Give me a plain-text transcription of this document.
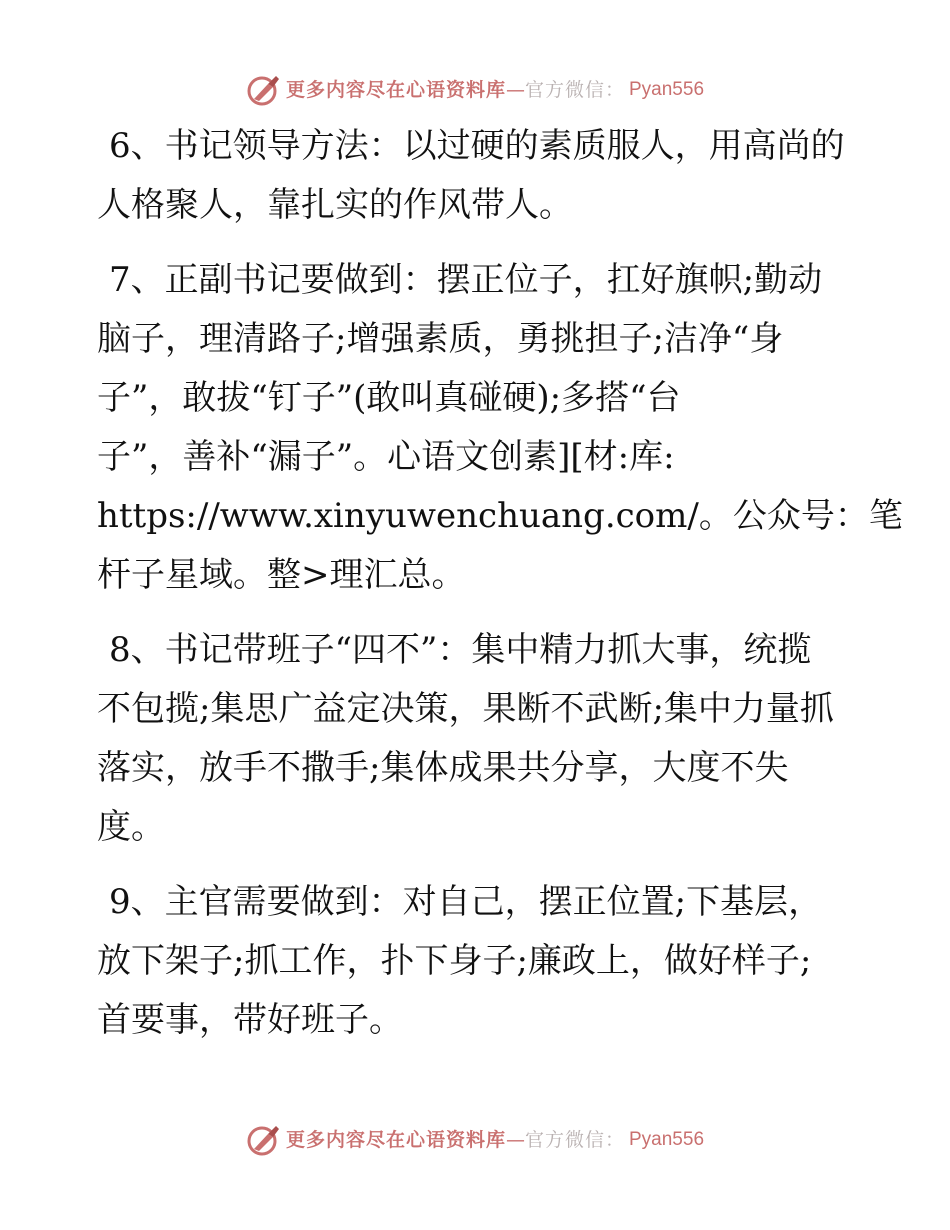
更多内容尽在心语资料库 — 官方微信： Pyan556
6、书记领导方法：以过硬的素质服人，用高尚的
人格聚人，靠扎实的作风带人。
7、正副书记要做到：摆正位子，扛好旗帜;勤动
脑子，理清路子;增强素质，勇挑担子;洁净“身
子”，敢拔“钉子”(敢叫真碰硬);多搭“台
子”，善补“漏子”。心语文创素][材:库:
https://www.xinyuwenchuang.com/。公众号：笔
杆子星域。整>理汇总。
8、书记带班子“四不”：集中精力抓大事，统揽
不包揽;集思广益定决策，果断不武断;集中力量抓
落实，放手不撒手;集体成果共分享，大度不失
度。
9、主官需要做到：对自己，摆正位置;下基层，
放下架子;抓工作，扑下身子;廉政上，做好样子;
首要事，带好班子。
更多内容尽在心语资料库 — 官方微信： Pyan556
